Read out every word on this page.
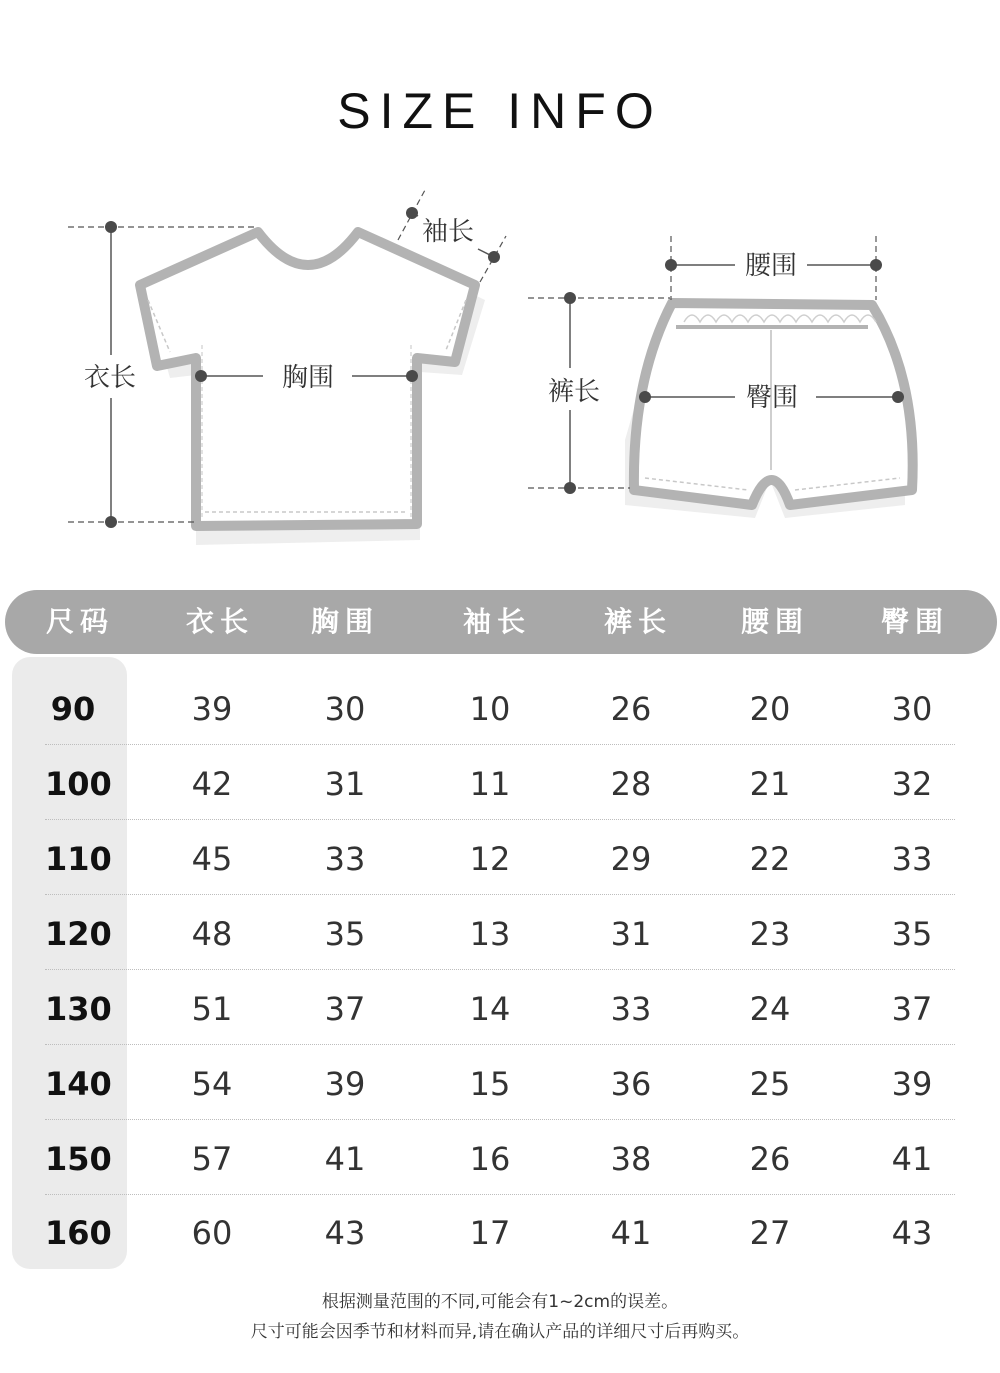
SIZE INFO
衣长	胸围
袖长
裤长
腰围
臀围
尺码	衣长	胸围	袖长	裤长	腰围	臀围
90	39	30	10	26	20	30
100	42	31	11	28	21	32
110	45	33	12	29	22	33
120	48	35	13	31	23	35
130	51	37	14	33	24	37
140	54	39	15	36	25	39
150	57	41	16	38	26	41
160	60	43	17	41	27	43
根据测量范围的不同,可能会有1~2cm的误差。
尺寸可能会因季节和材料而异,请在确认产品的详细尺寸后再购买。
